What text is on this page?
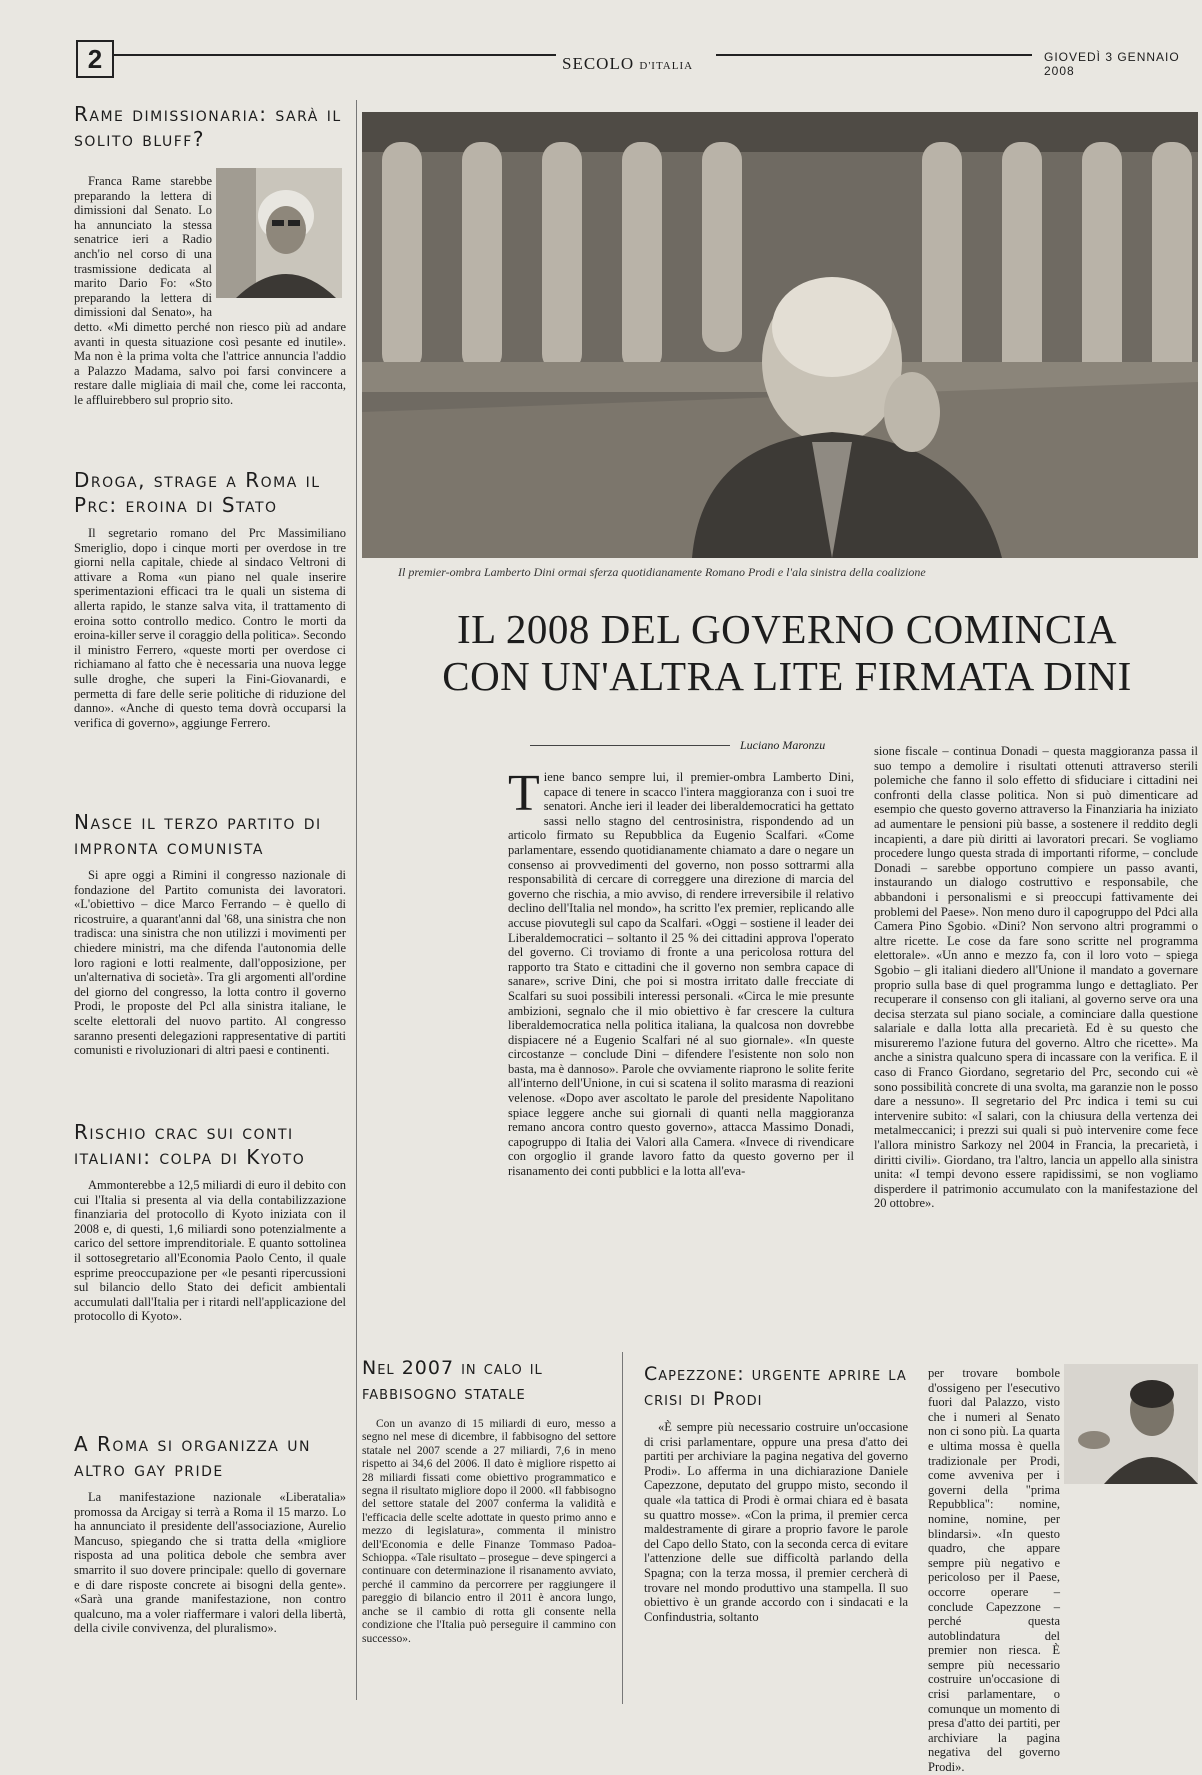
2	SECOLO D'ITALIA
GIOVEDÌ 3 GENNAIO 2008
Rame dimissionaria: sarà il solito bluff?

Franca Rame starebbe preparando la lettera di dimissioni dal Senato. Lo ha annunciato la stessa senatrice ieri a Radio anch'io nel corso di una trasmissione dedicata al marito Dario Fo: «Sto preparando la lettera di dimissioni dal Senato», ha detto. «Mi dimetto perché non riesco più ad andare avanti in questa situazione così pesante ed inutile». Ma non è la prima volta che l'attrice annuncia l'addio a Palazzo Madama, salvo poi farsi convincere a restare dalle migliaia di mail che, come lei racconta, le affluirebbero sul proprio sito.

Droga, strage a Roma il Prc: eroina di Stato

Il segretario romano del Prc Massimiliano Smeriglio, dopo i cinque morti per overdose in tre giorni nella capitale, chiede al sindaco Veltroni di attivare a Roma «un piano nel quale inserire sperimentazioni efficaci tra le quali un sistema di allerta rapido, le stanze salva vita, il trattamento di eroina sotto controllo medico. Contro le morti da eroina-killer serve il coraggio della politica». Secondo il ministro Ferrero, «queste morti per overdose ci richiamano al fatto che è necessaria una nuova legge sulle droghe, che superi la Fini-Giovanardi, e permetta di fare delle serie politiche di riduzione del danno». «Anche di questo tema dovrà occuparsi la verifica di governo», aggiunge Ferrero.

Nasce il terzo partito di impronta comunista

Si apre oggi a Rimini il congresso nazionale di fondazione del Partito comunista dei lavoratori. «L'obiettivo – dice Marco Ferrando – è quello di ricostruire, a quarant'anni dal '68, una sinistra che non tradisca: una sinistra che non utilizzi i movimenti per chiedere ministri, ma che difenda l'autonomia delle loro ragioni e lotti realmente, dall'opposizione, per un'alternativa di società». Tra gli argomenti all'ordine del giorno del congresso, la lotta contro il governo Prodi, le proposte del Pcl alla sinistra italiane, le scelte elettorali del nuovo partito. Al congresso saranno presenti delegazioni rappresentative di partiti comunisti e rivoluzionari di altri paesi e continenti.

Rischio crac sui conti italiani: colpa di Kyoto

Ammonterebbe a 12,5 miliardi di euro il debito con cui l'Italia si presenta al via della contabilizzazione finanziaria del protocollo di Kyoto iniziata con il 2008 e, di questi, 1,6 miliardi sono potenzialmente a carico del settore imprenditoriale. E quanto sottolinea il sottosegretario all'Economia Paolo Cento, il quale esprime preoccupazione per «le pesanti ripercussioni sul bilancio dello Stato dei deficit ambientali accumulati dall'Italia per i ritardi nell'applicazione del protocollo di Kyoto».

A Roma si organizza un altro gay pride

La manifestazione nazionale «Liberatalia» promossa da Arcigay si terrà a Roma il 15 marzo. Lo ha annunciato il presidente dell'associazione, Aurelio Mancuso, spiegando che si tratta della «migliore risposta ad una politica debole che sembra aver smarrito il suo dovere principale: quello di governare e di dare risposte concrete ai bisogni della gente». «Sarà una grande manifestazione, non contro qualcuno, ma a voler riaffermare i valori della libertà, della civile convivenza, del pluralismo».

Il premier-ombra Lamberto Dini ormai sferza quotidianamente Romano Prodi e l'ala sinistra della coalizione
IL 2008 DEL GOVERNO COMINCIA
CON UN'ALTRA LITE FIRMATA DINI
Luciano Maronzu

Tiene banco sempre lui, il premier-ombra Lamberto Dini, capace di tenere in scacco l'intera maggioranza con i suoi tre senatori. Anche ieri il leader dei liberaldemocratici ha gettato sassi nello stagno del centrosinistra, rispondendo ad un articolo firmato su Repubblica da Eugenio Scalfari. «Come parlamentare, essendo quotidianamente chiamato a dare o negare un consenso ai provvedimenti del governo, non posso sottrarmi alla responsabilità di cercare di correggere una direzione di marcia del governo che rischia, a mio avviso, di rendere irreversibile il relativo declino dell'Italia nel mondo», ha scritto l'ex premier, replicando alle accuse piovutegli sul capo da Scalfari. «Oggi – sostiene il leader dei Liberaldemocratici – soltanto il 25 % dei cittadini approva l'operato del governo. Ci troviamo di fronte a una pericolosa rottura del rapporto tra Stato e cittadini che il governo non sembra capace di sanare», scrive Dini, che poi si mostra irritato dalle frecciate di Scalfari su suoi possibili interessi personali. «Circa le mie presunte ambizioni, segnalo che il mio obiettivo è far crescere la cultura liberaldemocratica nella politica italiana, la qualcosa non dovrebbe dispiacere né a Eugenio Scalfari né al suo giornale». «In queste circostanze – conclude Dini – difendere l'esistente non solo non basta, ma è dannoso». Parole che ovviamente riaprono le solite ferite all'interno dell'Unione, in cui si scatena il solito marasma di reazioni velenose. «Dopo aver ascoltato le parole del presidente Napolitano spiace leggere anche sui giornali di quanti nella maggioranza remano ancora contro questo governo», attacca Massimo Donadi, capogruppo di Italia dei Valori alla Camera. «Invece di rivendicare con orgoglio il grande lavoro fatto da questo governo per il risanamento dei conti pubblici e la lotta all'eva-

sione fiscale – continua Donadi – questa maggioranza passa il suo tempo a demolire i risultati ottenuti attraverso sterili polemiche che fanno il solo effetto di sfiduciare i cittadini nei confronti della classe politica. Non si può dimenticare ad esempio che questo governo attraverso la Finanziaria ha iniziato ad aumentare le pensioni più basse, a sostenere il reddito degli incapienti, a dare più diritti ai lavoratori precari. Se vogliamo procedere lungo questa strada di importanti riforme, – conclude Donadi – sarebbe opportuno compiere un passo avanti, instaurando un dialogo costruttivo e responsabile, che abbandoni i personalismi e si preoccupi fattivamente dei problemi del Paese». Non meno duro il capogruppo del Pdci alla Camera Pino Sgobio. «Dini? Non servono altri programmi o altre ricette. Le cose da fare sono scritte nel programma elettorale». «Un anno e mezzo fa, con il loro voto – spiega Sgobio – gli italiani diedero all'Unione il mandato a governare proprio sulla base di quel programma lungo e dettagliato. Per recuperare il consenso con gli italiani, al governo serve ora una decisa sterzata sul piano sociale, a cominciare dalla questione salariale e dalla lotta alla precarietà. Ed è su questo che misureremo l'azione futura del governo. Altro che ricette». Ma anche a sinistra qualcuno spera di incassare con la verifica. E il caso di Franco Giordano, segretario del Prc, secondo cui «è sono possibilità concrete di una svolta, ma garanzie non le posso dare a nessuno». Il segretario del Prc indica i temi su cui intervenire subito: «I salari, con la chiusura della vertenza dei metalmeccanici; i prezzi sui quali si può intervenire come fece l'allora ministro Sarkozy nel 2004 in Francia, la precarietà, i diritti civili». Giordano, tra l'altro, lancia un appello alla sinistra unita: «I tempi devono essere rapidissimi, se non vogliamo disperdere il patrimonio accumulato con la manifestazione del 20 ottobre».

Nel 2007 in calo il fabbisogno statale

Con un avanzo di 15 miliardi di euro, messo a segno nel mese di dicembre, il fabbisogno del settore statale nel 2007 scende a 27 miliardi, 7,6 in meno rispetto ai 34,6 del 2006. Il dato è migliore rispetto ai 28 miliardi fissati come obiettivo programmatico e segna il risultato migliore dopo il 2000. «Il fabbisogno del settore statale del 2007 conferma la validità e l'efficacia delle scelte adottate in questo primo anno e mezzo di legislatura», commenta il ministro dell'Economia e delle Finanze Tommaso Padoa-Schioppa. «Tale risultato – prosegue – deve spingerci a continuare con determinazione il risanamento avviato, perché il cammino da percorrere per raggiungere il pareggio di bilancio entro il 2011 è ancora lungo, anche se il cambio di rotta gli consente nella condizione che l'Italia può perseguire il cammino con successo».

Capezzone: urgente aprire la crisi di Prodi

«È sempre più necessario costruire un'occasione di crisi parlamentare, oppure una presa d'atto dei partiti per archiviare la pagina negativa del governo Prodi». Lo afferma in una dichiarazione Daniele Capezzone, deputato del gruppo misto, secondo il quale «la tattica di Prodi è ormai chiara ed è basata su quattro mosse». «Con la prima, il premier cerca maldestramente di girare a proprio favore le parole del Capo dello Stato, con la seconda cerca di evitare l'attenzione delle sue difficoltà parlando della Spagna; con la terza mossa, il premier cercherà di trovare nel mondo produttivo una stampella. Il suo obiettivo è un grande accordo con i sindacati e la Confindustria, soltanto

per trovare bombole d'ossigeno per l'esecutivo fuori dal Palazzo, visto che i numeri al Senato non ci sono più. La quarta e ultima mossa è quella tradizionale per Prodi, come avveniva per i governi della "prima Repubblica": nomine, nomine, nomine, per blindarsi». «In questo quadro, che appare sempre più negativo e pericoloso per il Paese, occorre operare – conclude Capezzone – perché questa autoblindatura del premier non riesca. È sempre più necessario costruire un'occasione di crisi parlamentare, o comunque un momento di presa d'atto dei partiti, per archiviare la pagina negativa del governo Prodi».
